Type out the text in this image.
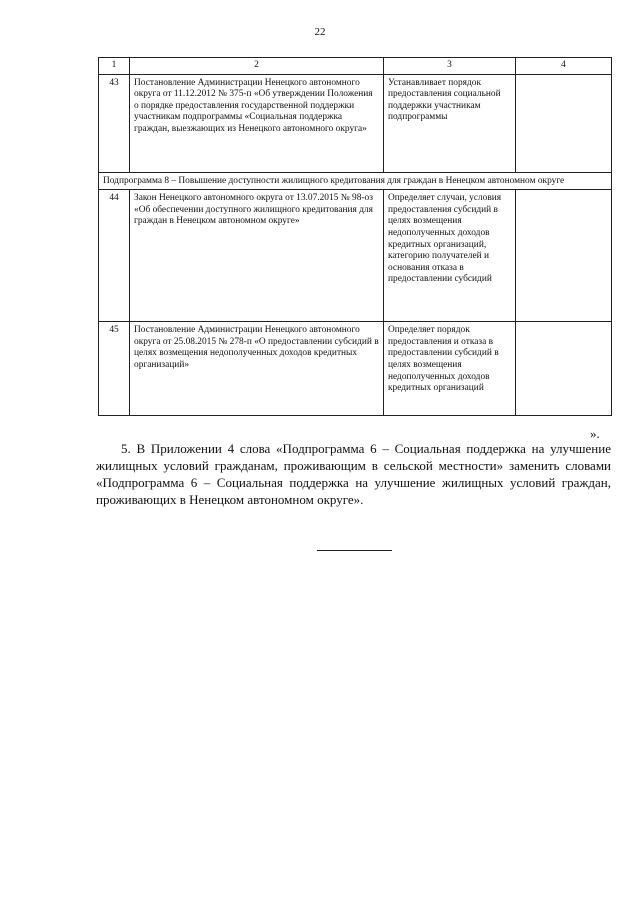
22
1	2	3	4
43	Постановление Администрации Ненецкого автономного округа от 11.12.2012 № 375-п «Об утверждении Положения о порядке предоставления государственной поддержки участникам подпрограммы «Социальная поддержка граждан, выезжающих из Ненецкого автономного округа»	Устанавливает порядок предоставления социальной поддержки участникам подпрограммы	
Подпрограмма 8 – Повышение доступности жилищного кредитования для граждан в Ненецком автономном округе			
44	Закон Ненецкого автономного округа от 13.07.2015 № 98-оз «Об обеспечении доступного жилищного кредитования для граждан в Ненецком автономном округе»	Определяет случаи, условия предоставления субсидий в целях возмещения недополученных доходов кредитных организаций, категорию получателей и основания отказа в предоставлении субсидий	
45	Постановление Администрации Ненецкого автономного округа от 25.08.2015 № 278-п «О предоставлении субсидий в целях возмещения недополученных доходов кредитных организаций»	Определяет порядок предоставления и отказа в предоставлении субсидий в целях возмещения недополученных доходов кредитных организаций	
».

5. В Приложении 4 слова «Подпрограмма 6 – Социальная поддержка на улучшение жилищных условий гражданам, проживающим в сельской местности» заменить словами «Подпрограмма 6 – Социальная поддержка на улучшение жилищных условий граждан, проживающих в Ненецком автономном округе».
